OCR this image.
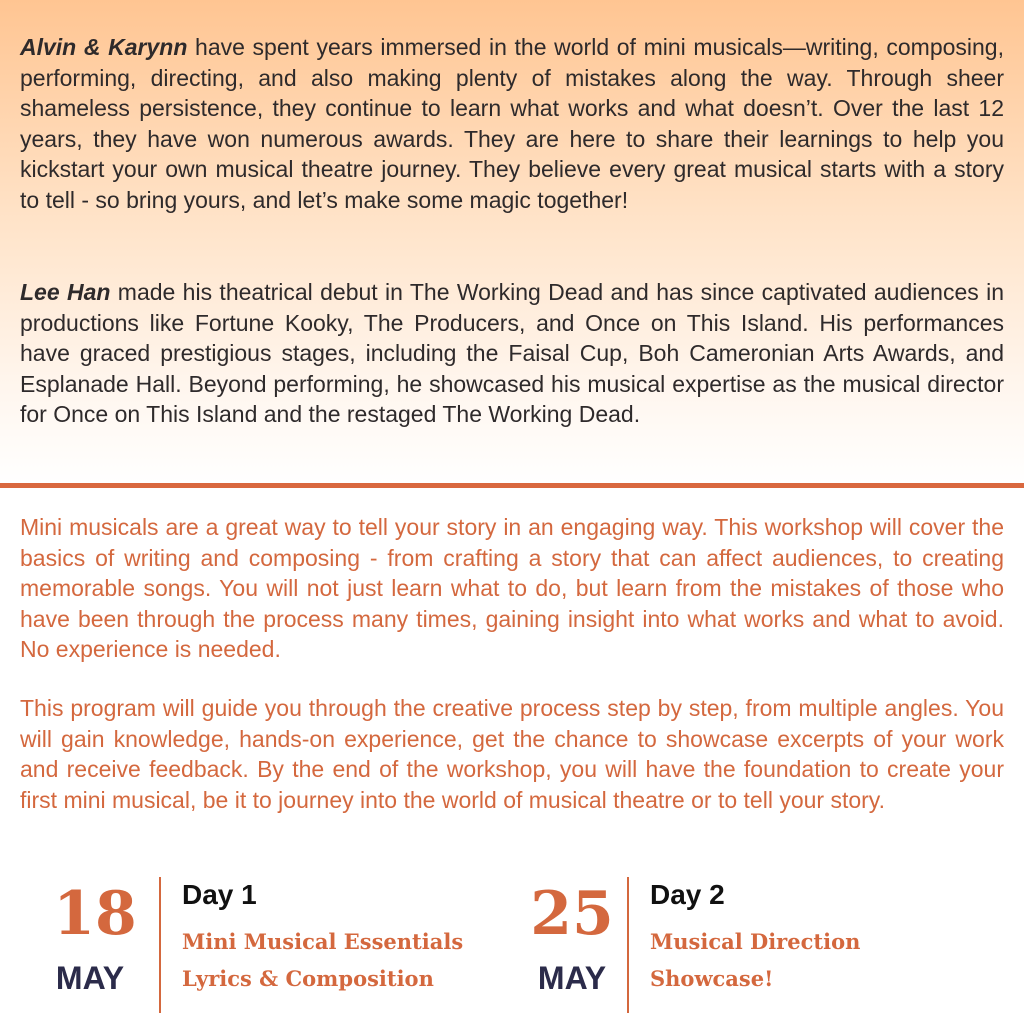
Alvin & Karynn have spent years immersed in the world of mini musicals—writing, composing, performing, directing, and also making plenty of mistakes along the way. Through sheer shameless persistence, they continue to learn what works and what doesn’t. Over the last 12 years, they have won numerous awards. They are here to share their learnings to help you kickstart your own musical theatre journey. They believe every great musical starts with a story to tell - so bring yours, and let’s make some magic together!

Lee Han made his theatrical debut in The Working Dead and has since captivated audiences in productions like Fortune Kooky, The Producers, and Once on This Island. His performances have graced prestigious stages, including the Faisal Cup, Boh Cameronian Arts Awards, and Esplanade Hall. Beyond performing, he showcased his musical expertise as the musical director for Once on This Island and the restaged The Working Dead.

Mini musicals are a great way to tell your story in an engaging way. This workshop will cover the basics of writing and composing - from crafting a story that can affect audiences, to creating memorable songs. You will not just learn what to do, but learn from the mistakes of those who have been through the process many times, gaining insight into what works and what to avoid. No experience is needed.

This program will guide you through the creative process step by step, from multiple angles. You will gain knowledge, hands-on experience, get the chance to showcase excerpts of your work and receive feedback. By the end of the workshop, you will have the foundation to create your first mini musical, be it to journey into the world of musical theatre or to tell your story.

18
MAY
Day 1
Mini Musical Essentials
Lyrics & Composition
25
MAY
Day 2
Musical Direction
Showcase!
